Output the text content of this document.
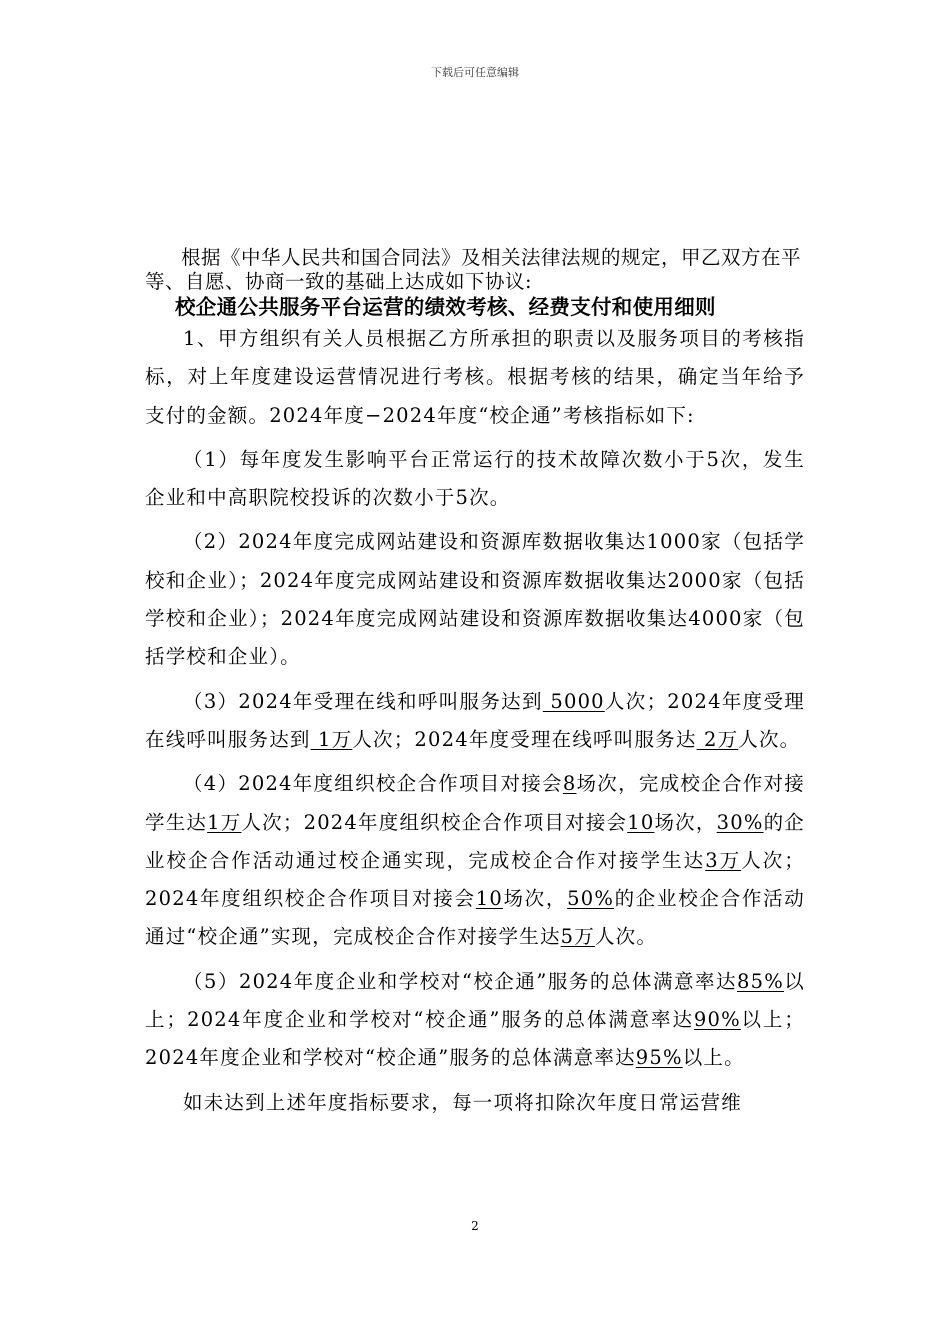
下载后可任意编辑

根据《中华人民共和国合同法》及相关法律法规的规定，甲乙双方在平等、自愿、协商一致的基础上达成如下协议:

校企通公共服务平台运营的绩效考核、经费支付和使用细则

1、甲方组织有关人员根据乙方所承担的职责以及服务项目的考核指标，对上年度建设运营情况进行考核。根据考核的结果，确定当年给予支付的金额。2024年度−2024年度“校企通”考核指标如下:

（1）每年度发生影响平台正常运行的技术故障次数小于5次，发生企业和中高职院校投诉的次数小于5次。

（2）2024年度完成网站建设和资源库数据收集达1000家（包括学校和企业）；2024年度完成网站建设和资源库数据收集达2000家（包括学校和企业）；2024年度完成网站建设和资源库数据收集达4000家（包括学校和企业）。

（3）2024年受理在线和呼叫服务达到 5000人次；2024年度受理在线呼叫服务达到 1万人次；2024年度受理在线呼叫服务达 2万人次。

（4）2024年度组织校企合作项目对接会8场次，完成校企合作对接学生达1万人次；2024年度组织校企合作项目对接会10场次，30%的企业校企合作活动通过校企通实现，完成校企合作对接学生达3万人次；2024年度组织校企合作项目对接会10场次，50%的企业校企合作活动通过“校企通”实现，完成校企合作对接学生达5万人次。

（5）2024年度企业和学校对“校企通”服务的总体满意率达85%以上；2024年度企业和学校对“校企通”服务的总体满意率达90%以上；2024年度企业和学校对“校企通”服务的总体满意率达95%以上。

如未达到上述年度指标要求，每一项将扣除次年度日常运营维

2
